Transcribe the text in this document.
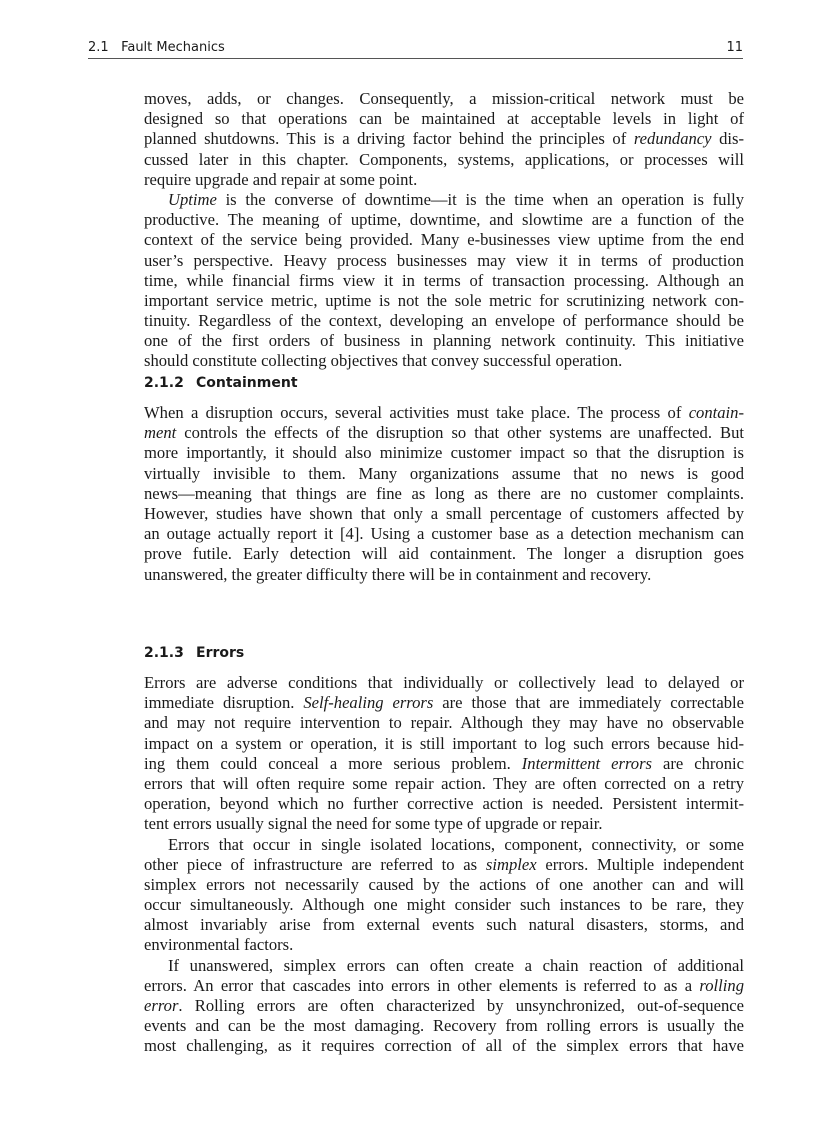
2.1   Fault Mechanics	11
moves, adds, or changes. Consequently, a mission-critical network must be
designed so that operations can be maintained at acceptable levels in light of
planned shutdowns. This is a driving factor behind the principles of redundancy dis-
cussed later in this chapter. Components, systems, applications, or processes will
require upgrade and repair at some point.
Uptime is the converse of downtime—it is the time when an operation is fully
productive. The meaning of uptime, downtime, and slowtime are a function of the
context of the service being provided. Many e-businesses view uptime from the end
user’s perspective. Heavy process businesses may view it in terms of production
time, while financial firms view it in terms of transaction processing. Although an
important service metric, uptime is not the sole metric for scrutinizing network con-
tinuity. Regardless of the context, developing an envelope of performance should be
one of the first orders of business in planning network continuity. This initiative
should constitute collecting objectives that convey successful operation.
2.1.2 Containment
When a disruption occurs, several activities must take place. The process of contain-
ment controls the effects of the disruption so that other systems are unaffected. But
more importantly, it should also minimize customer impact so that the disruption is
virtually invisible to them. Many organizations assume that no news is good
news—meaning that things are fine as long as there are no customer complaints.
However, studies have shown that only a small percentage of customers affected by
an outage actually report it [4]. Using a customer base as a detection mechanism can
prove futile. Early detection will aid containment. The longer a disruption goes
unanswered, the greater difficulty there will be in containment and recovery.
2.1.3 Errors
Errors are adverse conditions that individually or collectively lead to delayed or
immediate disruption. Self-healing errors are those that are immediately correctable
and may not require intervention to repair. Although they may have no observable
impact on a system or operation, it is still important to log such errors because hid-
ing them could conceal a more serious problem. Intermittent errors are chronic
errors that will often require some repair action. They are often corrected on a retry
operation, beyond which no further corrective action is needed. Persistent intermit-
tent errors usually signal the need for some type of upgrade or repair.
Errors that occur in single isolated locations, component, connectivity, or some
other piece of infrastructure are referred to as simplex errors. Multiple independent
simplex errors not necessarily caused by the actions of one another can and will
occur simultaneously. Although one might consider such instances to be rare, they
almost invariably arise from external events such natural disasters, storms, and
environmental factors.
If unanswered, simplex errors can often create a chain reaction of additional
errors. An error that cascades into errors in other elements is referred to as a rolling
error. Rolling errors are often characterized by unsynchronized, out-of-sequence
events and can be the most damaging. Recovery from rolling errors is usually the
most challenging, as it requires correction of all of the simplex errors that have
